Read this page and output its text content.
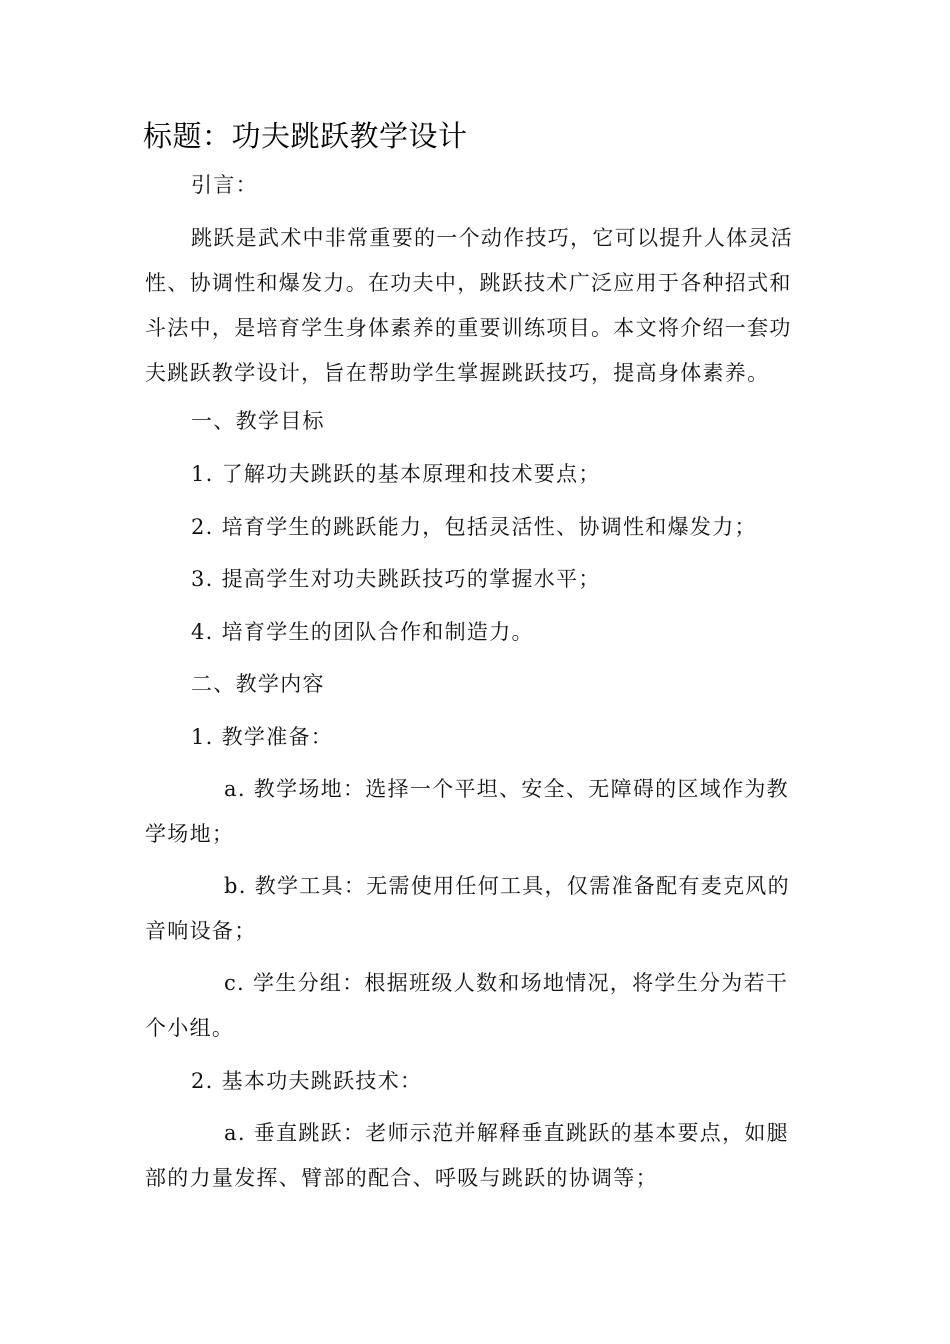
标题：功夫跳跃教学设计
引言：

跳跃是武术中非常重要的一个动作技巧，它可以提升人体灵活性、协调性和爆发力。在功夫中，跳跃技术广泛应用于各种招式和斗法中，是培育学生身体素养的重要训练项目。本文将介绍一套功夫跳跃教学设计，旨在帮助学生掌握跳跃技巧，提高身体素养。

一、教学目标
1. 了解功夫跳跃的基本原理和技术要点；
2. 培育学生的跳跃能力，包括灵活性、协调性和爆发力；
3. 提高学生对功夫跳跃技巧的掌握水平；
4. 培育学生的团队合作和制造力。
二、教学内容
1. 教学准备：

a. 教学场地：选择一个平坦、安全、无障碍的区域作为教学场地；

b. 教学工具：无需使用任何工具，仅需准备配有麦克风的音响设备；

c. 学生分组：根据班级人数和场地情况，将学生分为若干个小组。

2. 基本功夫跳跃技术：

a. 垂直跳跃：老师示范并解释垂直跳跃的基本要点，如腿部的力量发挥、臂部的配合、呼吸与跳跃的协调等；
